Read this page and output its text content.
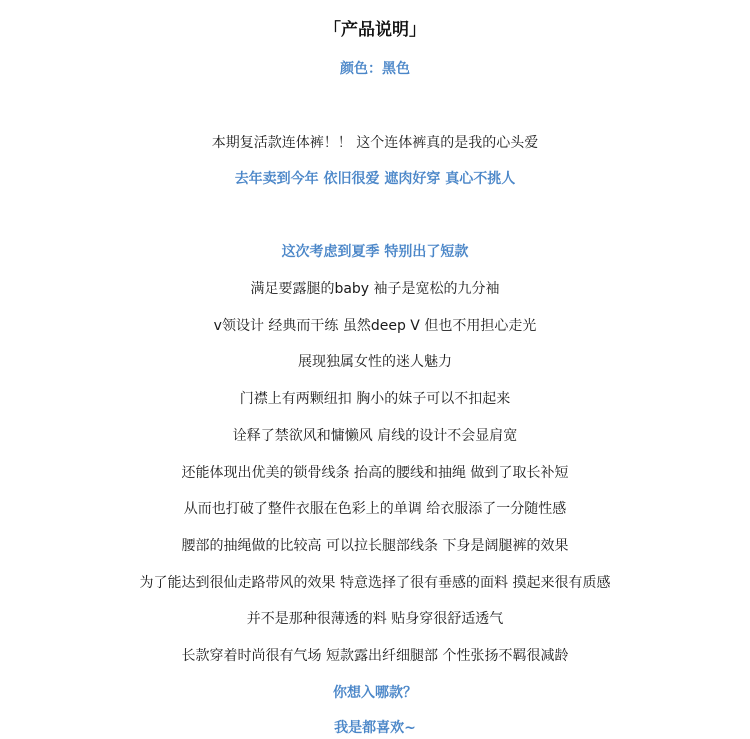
「产品说明」
颜色：黑色
本期复活款连体裤！！ 这个连体裤真的是我的心头爱
去年卖到今年 依旧很爱 遮肉好穿 真心不挑人
这次考虑到夏季 特别出了短款
满足要露腿的baby 袖子是宽松的九分袖
v领设计 经典而干练 虽然deep V 但也不用担心走光
展现独属女性的迷人魅力
门襟上有两颗纽扣 胸小的妹子可以不扣起来
诠释了禁欲风和慵懒风 肩线的设计不会显肩宽
还能体现出优美的锁骨线条 抬高的腰线和抽绳 做到了取长补短
从而也打破了整件衣服在色彩上的单调 给衣服添了一分随性感
腰部的抽绳做的比较高 可以拉长腿部线条 下身是阔腿裤的效果
为了能达到很仙走路带风的效果 特意选择了很有垂感的面料 摸起来很有质感
并不是那种很薄透的料 贴身穿很舒适透气
长款穿着时尚很有气场 短款露出纤细腿部 个性张扬不羁很减龄
你想入哪款？
我是都喜欢~
